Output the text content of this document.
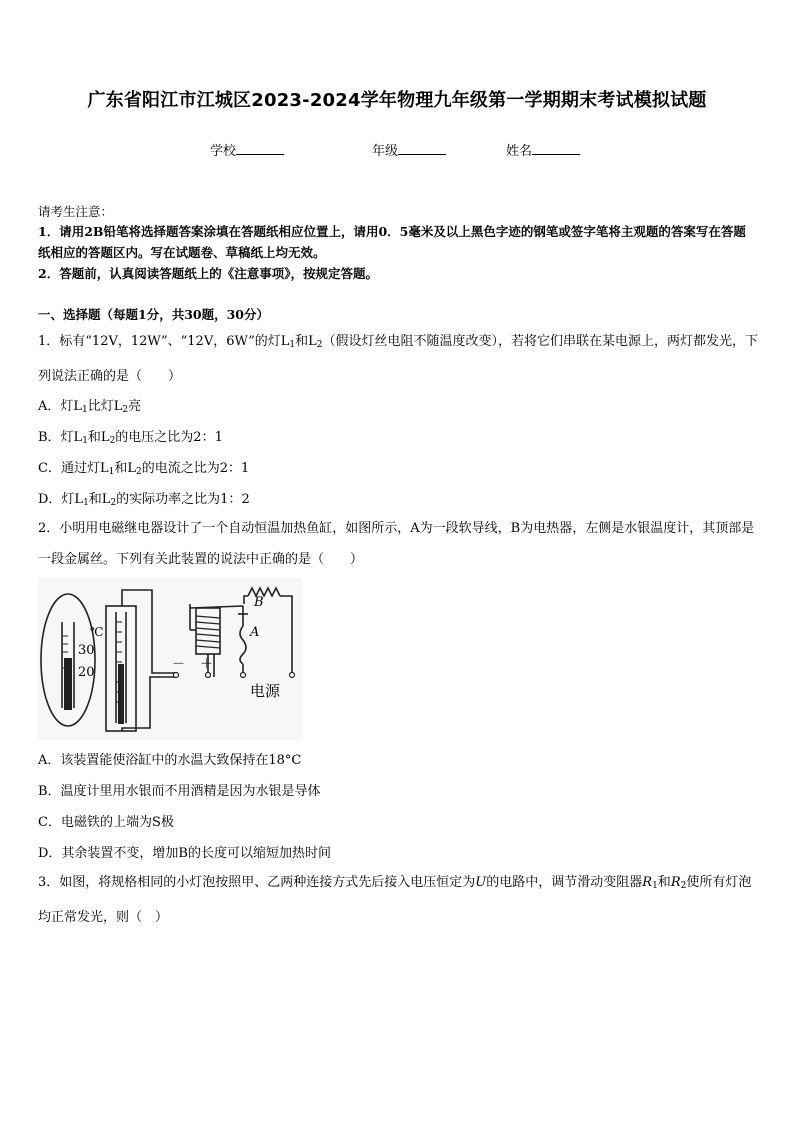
广东省阳江市江城区2023-2024学年物理九年级第一学期期末考试模拟试题
学校	年级	姓名
请考生注意：
1．请用2B铅笔将选择题答案涂填在答题纸相应位置上，请用0．5毫米及以上黑色字迹的钢笔或签字笔将主观题的答案写在答题纸相应的答题区内。写在试题卷、草稿纸上均无效。
2．答题前，认真阅读答题纸上的《注意事项》，按规定答题。
一、选择题（每题1分，共30题，30分）
1．标有“12V，12W”、“12V，6W”的灯$L_1$和$L_2$（假设灯丝电阻不随温度改变），若将它们串联在某电源上，两灯都发光，下列说法正确的是（　　）
A．灯$L_1$比灯$L_2$亮
B．灯$L_1$和$L_2$的电压之比为2：1
C．通过灯$L_1$和$L_2$的电流之比为2：1
D．灯$L_1$和$L_2$的实际功率之比为1：2
2．小明用电磁继电器设计了一个自动恒温加热鱼缸，如图所示，A为一段软导线，B为电热器，左侧是水银温度计，其顶部是一段金属丝。下列有关此装置的说法中正确的是（　　）
℃
30
20
－ ＋
A
B
电源
A．该装置能使浴缸中的水温大致保持在18°C
B．温度计里用水银而不用酒精是因为水银是导体
C．电磁铁的上端为S极
D．其余装置不变，增加B的长度可以缩短加热时间
3．如图，将规格相同的小灯泡按照甲、乙两种连接方式先后接入电压恒定为U的电路中，调节滑动变阻器$R_1$和$R_2$使所有灯泡均正常发光，则（　）
